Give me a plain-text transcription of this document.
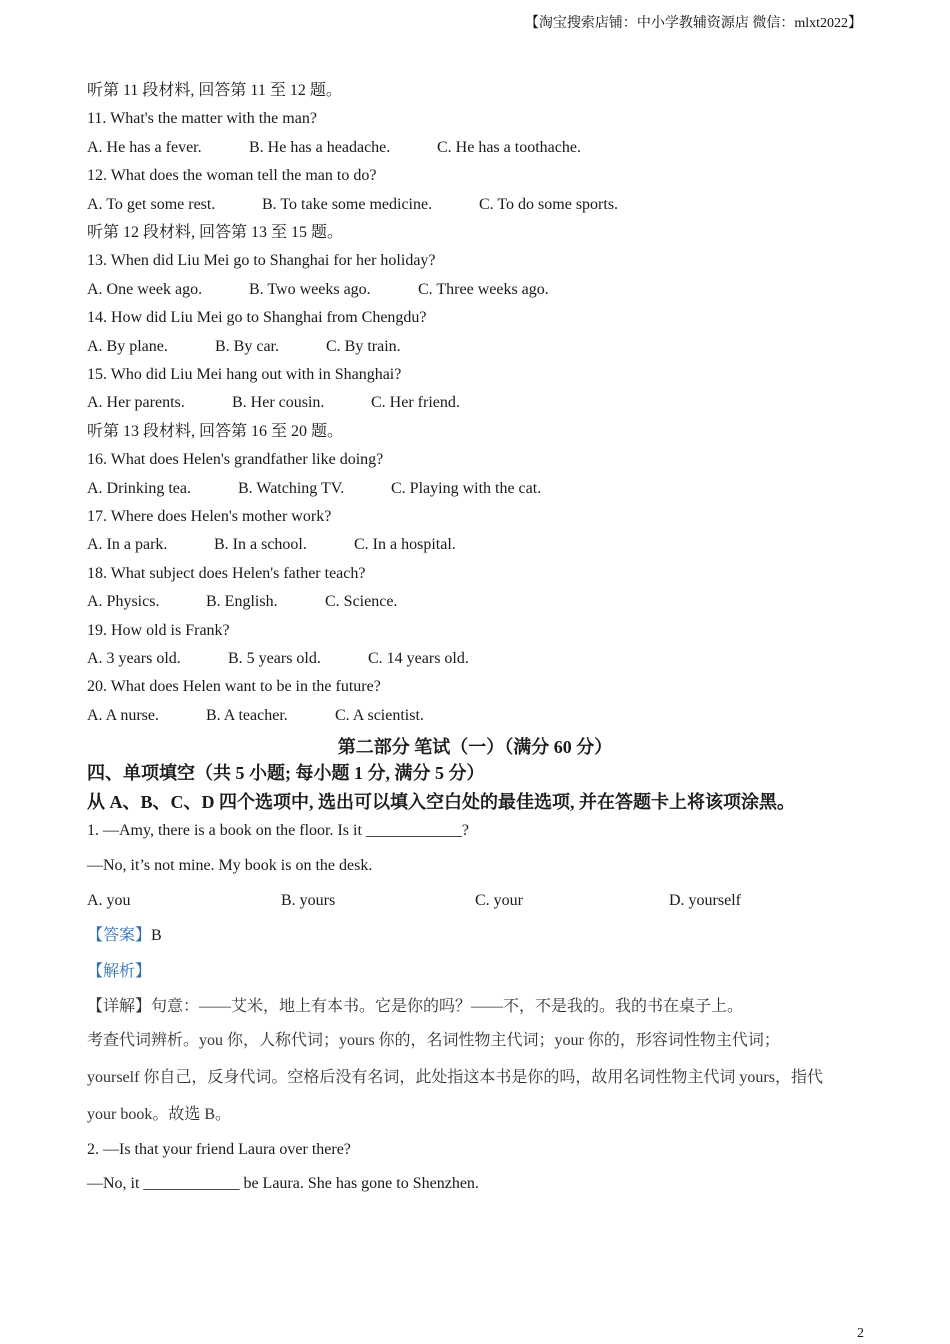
【淘宝搜索店铺：中小学教辅资源店 微信：mlxt2022】
听第 11 段材料, 回答第 11 至 12 题。
11. What's the matter with the man?
A. He has a fever.	B. He has a headache.	C. He has a toothache.
12. What does the woman tell the man to do?
A. To get some rest.	B. To take some medicine.	C. To do some sports.
听第 12 段材料, 回答第 13 至 15 题。
13. When did Liu Mei go to Shanghai for her holiday?
A. One week ago.	B. Two weeks ago.	C. Three weeks ago.
14. How did Liu Mei go to Shanghai from Chengdu?
A. By plane.	B. By car.	C. By train.
15. Who did Liu Mei hang out with in Shanghai?
A. Her parents.	B. Her cousin.	C. Her friend.
听第 13 段材料, 回答第 16 至 20 题。
16. What does Helen's grandfather like doing?
A. Drinking tea.	B. Watching TV.	C. Playing with the cat.
17. Where does Helen's mother work?
A. In a park.	B. In a school.	C. In a hospital.
18. What subject does Helen's father teach?
A. Physics.	B. English.	C. Science.
19. How old is Frank?
A. 3 years old.	B. 5 years old.	C. 14 years old.
20. What does Helen want to be in the future?
A. A nurse.	B. A teacher.	C. A scientist.
第二部分 笔试（一）（满分 60 分）
四、单项填空（共 5 小题; 每小题 1 分, 满分 5 分）
从 A、B、C、D 四个选项中, 选出可以填入空白处的最佳选项, 并在答题卡上将该项涂黑。
1. —Amy, there is a book on the floor. Is it ____________?
—No, it’s not mine. My book is on the desk.
A. you	B. yours	C. your	D. yourself
【答案】B
【解析】
【详解】句意：——艾米，地上有本书。它是你的吗？——不，不是我的。我的书在桌子上。
考查代词辨析。you 你，人称代词；yours 你的，名词性物主代词；your 你的，形容词性物主代词；
yourself 你自己，反身代词。空格后没有名词，此处指这本书是你的吗，故用名词性物主代词 yours，指代
your book。故选 B。
2. —Is that your friend Laura over there?
—No, it ____________ be Laura. She has gone to Shenzhen.
2
